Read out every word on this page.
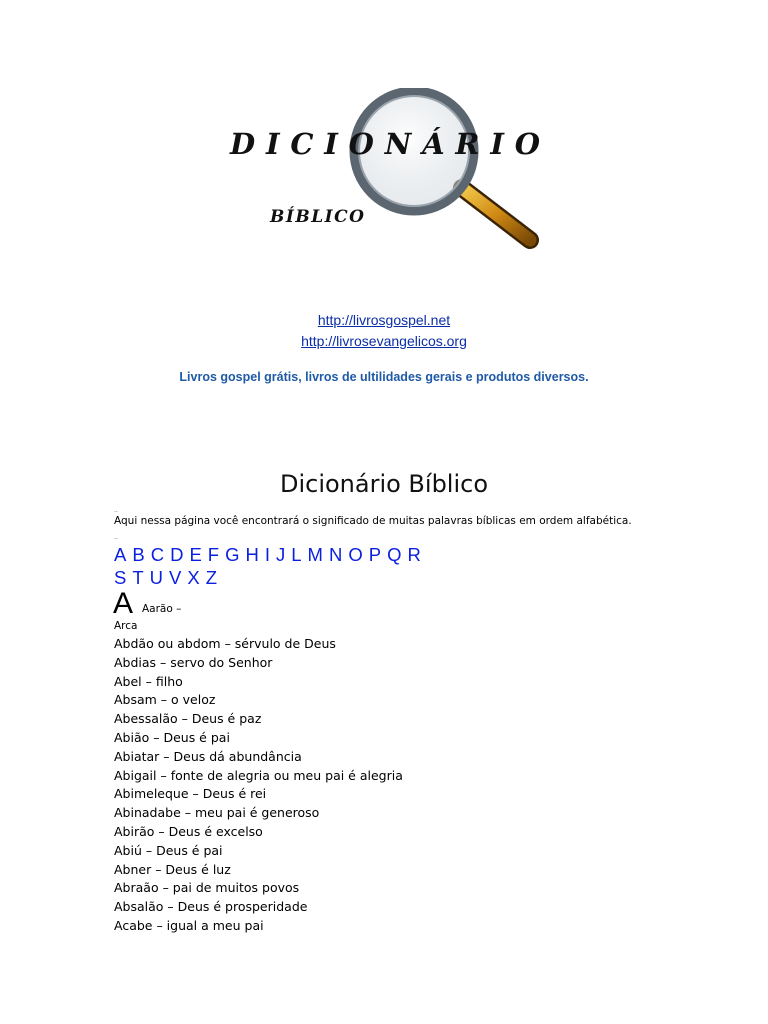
DICIONÁRIO
BÍBLICO
http://livrosgospel.net
http://livrosevangelicos.org
Livros gospel grátis, livros de ultilidades gerais e produtos diversos.
Dicionário Bíblico
..
Aqui nessa página você encontrará o significado de muitas palavras bíblicas em ordem alfabética.
..
A B C D E F G H I J L M N O P Q R
S T U V X Z
A Aarão –
Arca
Abdão ou abdom – sérvulo de Deus
Abdias – servo do Senhor
Abel – filho
Absam – o veloz
Abessalão – Deus é paz
Abião – Deus é pai
Abiatar – Deus dá abundância
Abigail – fonte de alegria ou meu pai é alegria
Abimeleque – Deus é rei
Abinadabe – meu pai é generoso
Abirão – Deus é excelso
Abiú – Deus é pai
Abner – Deus é luz
Abraão – pai de muitos povos
Absalão – Deus é prosperidade
Acabe – igual a meu pai
